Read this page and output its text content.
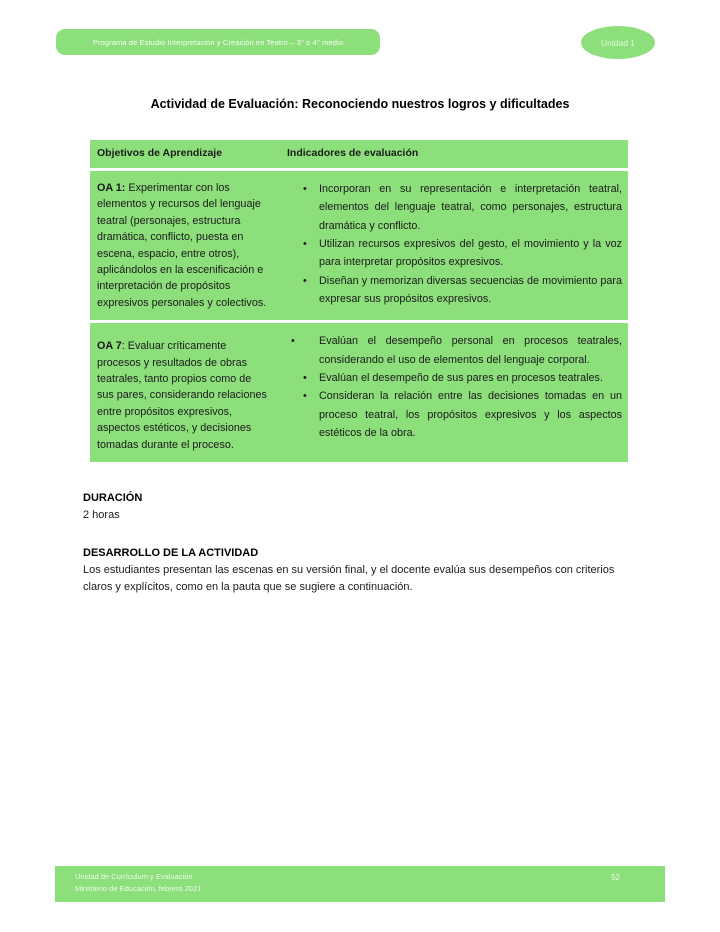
Programa de Estudio Interpretación y Creación en Teatro – 3° o 4° medio	Unidad 1
Actividad de Evaluación: Reconociendo nuestros logros y dificultades
Objetivos de Aprendizaje	Indicadores de evaluación
OA 1: Experimentar con los elementos y recursos del lenguaje teatral (personajes, estructura dramática, conflicto, puesta en escena, espacio, entre otros), aplicándolos en la escenificación e interpretación de propósitos expresivos personales y colectivos.
• Incorporan en su representación e interpretación teatral, elementos del lenguaje teatral, como personajes, estructura dramática y conflicto.
• Utilizan recursos expresivos del gesto, el movimiento y la voz para interpretar propósitos expresivos.
• Diseñan y memorizan diversas secuencias de movimiento para expresar sus propósitos expresivos.
OA 7: Evaluar críticamente procesos y resultados de obras teatrales, tanto propios como de sus pares, considerando relaciones entre propósitos expresivos, aspectos estéticos, y decisiones tomadas durante el proceso.
• Evalúan el desempeño personal en procesos teatrales, considerando el uso de elementos del lenguaje corporal.
• Evalúan el desempeño de sus pares en procesos teatrales.
• Consideran la relación entre las decisiones tomadas en un proceso teatral, los propósitos expresivos y los aspectos estéticos de la obra.

DURACIÓN

2 horas

DESARROLLO DE LA ACTIVIDAD

Los estudiantes presentan las escenas en su versión final, y el docente evalúa sus desempeños con criterios claros y explícitos, como en la pauta que se sugiere a continuación.

Unidad de Currículum y Evaluación
Ministerio de Educación, febrero 2021
52
